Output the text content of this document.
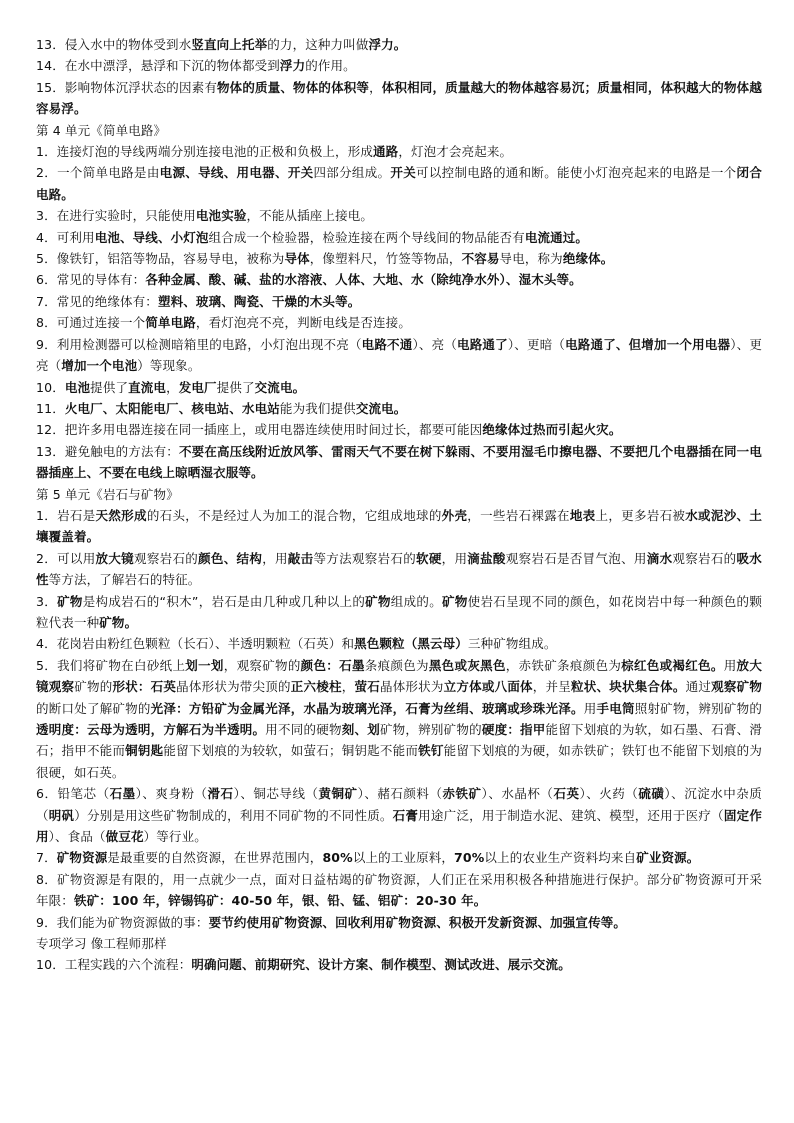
13．侵入水中的物体受到水竖直向上托举的力，这种力叫做浮力。

14．在水中漂浮，悬浮和下沉的物体都受到浮力的作用。

15．影响物体沉浮状态的因素有物体的质量、物体的体积等，体积相同，质量越大的物体越容易沉；质量相同，体积越大的物体越容易浮。

第 4 单元《简单电路》

1．连接灯泡的导线两端分别连接电池的正极和负极上，形成通路，灯泡才会亮起来。

2．一个简单电路是由电源、导线、用电器、开关四部分组成。开关可以控制电路的通和断。能使小灯泡亮起来的电路是一个闭合电路。

3．在进行实验时，只能使用电池实验，不能从插座上接电。

4．可利用电池、导线、小灯泡组合成一个检验器，检验连接在两个导线间的物品能否有电流通过。

5．像铁钉，铝箔等物品，容易导电，被称为导体，像塑料尺，竹签等物品，不容易导电，称为绝缘体。

6．常见的导体有：各种金属、酸、碱、盐的水溶液、人体、大地、水（除纯净水外）、湿木头等。

7．常见的绝缘体有：塑料、玻璃、陶瓷、干燥的木头等。

8．可通过连接一个简单电路，看灯泡亮不亮，判断电线是否连接。

9．利用检测器可以检测暗箱里的电路，小灯泡出现不亮（电路不通）、亮（电路通了）、更暗（电路通了、但增加一个用电器）、更亮（增加一个电池）等现象。

10．电池提供了直流电，发电厂提供了交流电。

11．火电厂、太阳能电厂、核电站、水电站能为我们提供交流电。

12．把许多用电器连接在同一插座上，或用电器连续使用时间过长，都要可能因绝缘体过热而引起火灾。

13．避免触电的方法有：不要在高压线附近放风筝、雷雨天气不要在树下躲雨、不要用湿毛巾擦电器、不要把几个电器插在同一电器插座上、不要在电线上晾晒湿衣服等。

第 5 单元《岩石与矿物》

1．岩石是天然形成的石头，不是经过人为加工的混合物，它组成地球的外壳，一些岩石裸露在地表上，更多岩石被水或泥沙、土壤覆盖着。

2．可以用放大镜观察岩石的颜色、结构，用敲击等方法观察岩石的软硬，用滴盐酸观察岩石是否冒气泡、用滴水观察岩石的吸水性等方法，了解岩石的特征。

3．矿物是构成岩石的“积木”，岩石是由几种或几种以上的矿物组成的。矿物使岩石呈现不同的颜色，如花岗岩中每一种颜色的颗粒代表一种矿物。

4．花岗岩由粉红色颗粒（长石）、半透明颗粒（石英）和黑色颗粒（黑云母）三种矿物组成。

5．我们将矿物在白砂纸上划一划，观察矿物的颜色：石墨条痕颜色为黑色或灰黑色，赤铁矿条痕颜色为棕红色或褐红色。用放大镜观察矿物的形状：石英晶体形状为带尖顶的正六棱柱，萤石晶体形状为立方体或八面体，并呈粒状、块状集合体。通过观察矿物的断口处了解矿物的光泽：方铅矿为金属光泽，水晶为玻璃光泽，石膏为丝绢、玻璃或珍珠光泽。用手电筒照射矿物，辨别矿物的透明度：云母为透明，方解石为半透明。用不同的硬物刻、划矿物，辨别矿物的硬度：指甲能留下划痕的为软，如石墨、石膏、滑石；指甲不能而铜钥匙能留下划痕的为较软，如萤石；铜钥匙不能而铁钉能留下划痕的为硬，如赤铁矿；铁钉也不能留下划痕的为很硬，如石英。

6．铅笔芯（石墨）、爽身粉（滑石）、铜芯导线（黄铜矿）、赭石颜料（赤铁矿）、水晶杯（石英）、火药（硫磺）、沉淀水中杂质（明矾）分别是用这些矿物制成的，利用不同矿物的不同性质。石膏用途广泛，用于制造水泥、建筑、模型，还用于医疗（固定作用）、食品（做豆花）等行业。

7．矿物资源是最重要的自然资源，在世界范围内，80%以上的工业原料，70%以上的农业生产资料均来自矿业资源。

8．矿物资源是有限的，用一点就少一点，面对日益枯竭的矿物资源，人们正在采用积极各种措施进行保护。部分矿物资源可开采年限：铁矿：100 年，锌锡钨矿：40-50 年，银、铅、锰、铝矿：20-30 年。

9．我们能为矿物资源做的事：要节约使用矿物资源、回收利用矿物资源、积极开发新资源、加强宣传等。

专项学习 像工程师那样

10．工程实践的六个流程：明确问题、前期研究、设计方案、制作模型、测试改进、展示交流。
